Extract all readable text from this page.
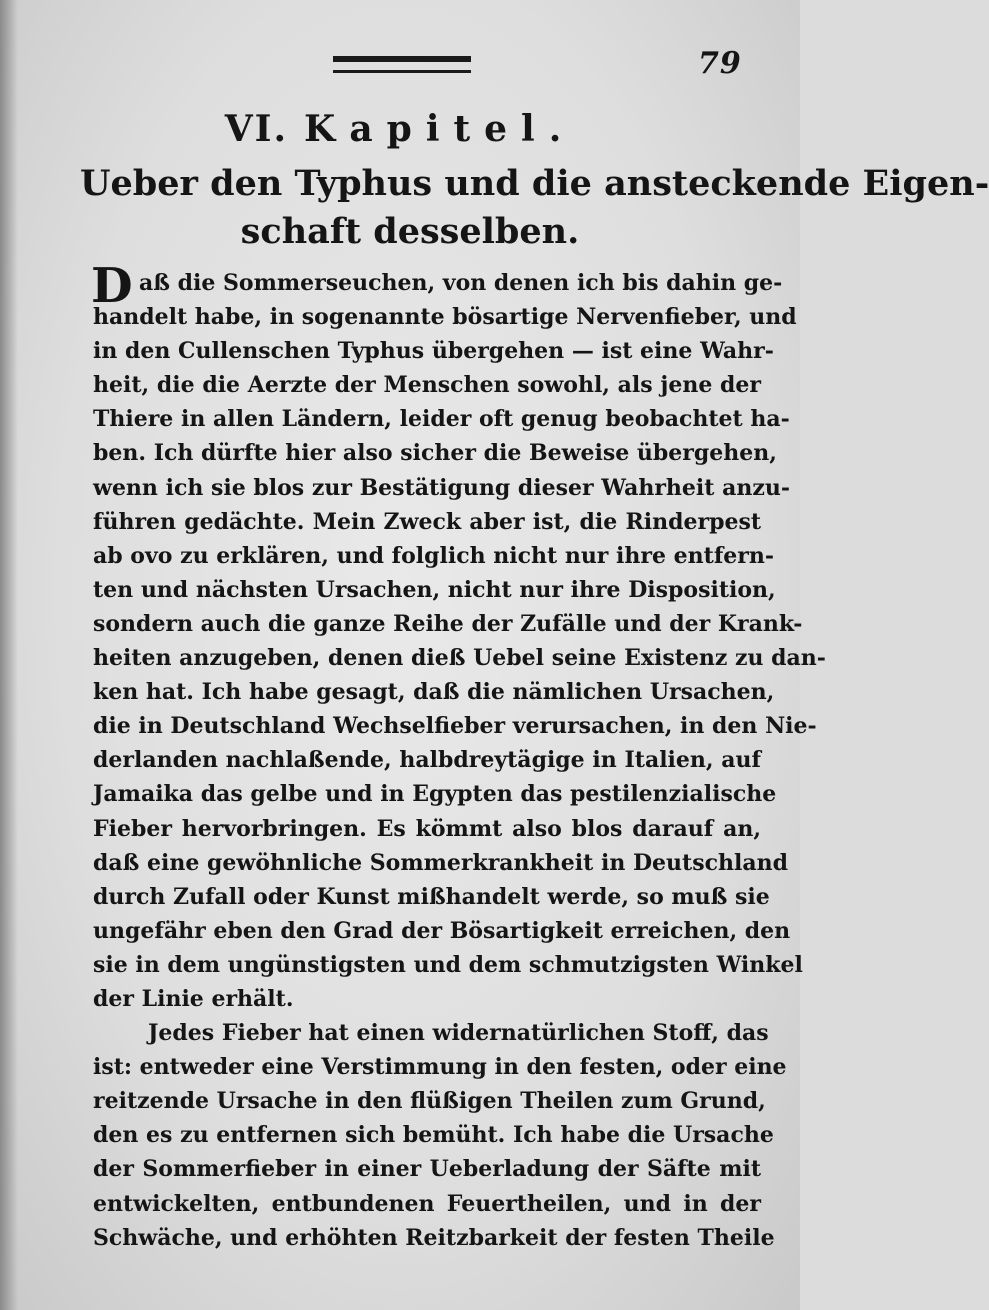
79
VI. Kapitel.
Ueber den Typhus und die ansteckende Eigen-
schaft desselben.
D aß die Sommerseuchen, von denen ich bis dahin ge-
handelt habe, in sogenannte bösartige Nervenfieber, und
in den Cullenschen Typhus übergehen — ist eine Wahr-
heit, die die Aerzte der Menschen sowohl, als jene der
Thiere in allen Ländern, leider oft genug beobachtet ha-
ben. Ich dürfte hier also sicher die Beweise übergehen,
wenn ich sie blos zur Bestätigung dieser Wahrheit anzu-
führen gedächte. Mein Zweck aber ist, die Rinderpest
ab ovo zu erklären, und folglich nicht nur ihre entfern-
ten und nächsten Ursachen, nicht nur ihre Disposition,
sondern auch die ganze Reihe der Zufälle und der Krank-
heiten anzugeben, denen dieß Uebel seine Existenz zu dan-
ken hat. Ich habe gesagt, daß die nämlichen Ursachen,
die in Deutschland Wechselfieber verursachen, in den Nie-
derlanden nachlaßende, halbdreytägige in Italien, auf
Jamaika das gelbe und in Egypten das pestilenzialische
Fieber hervorbringen. Es kömmt also blos darauf an,
daß eine gewöhnliche Sommerkrankheit in Deutschland
durch Zufall oder Kunst mißhandelt werde, so muß sie
ungefähr eben den Grad der Bösartigkeit erreichen, den
sie in dem ungünstigsten und dem schmutzigsten Winkel
der Linie erhält.
Jedes Fieber hat einen widernatürlichen Stoff, das
ist: entweder eine Verstimmung in den festen, oder eine
reitzende Ursache in den flüßigen Theilen zum Grund,
den es zu entfernen sich bemüht. Ich habe die Ursache
der Sommerfieber in einer Ueberladung der Säfte mit
entwickelten, entbundenen Feuertheilen, und in der
Schwäche, und erhöhten Reitzbarkeit der festen Theile
